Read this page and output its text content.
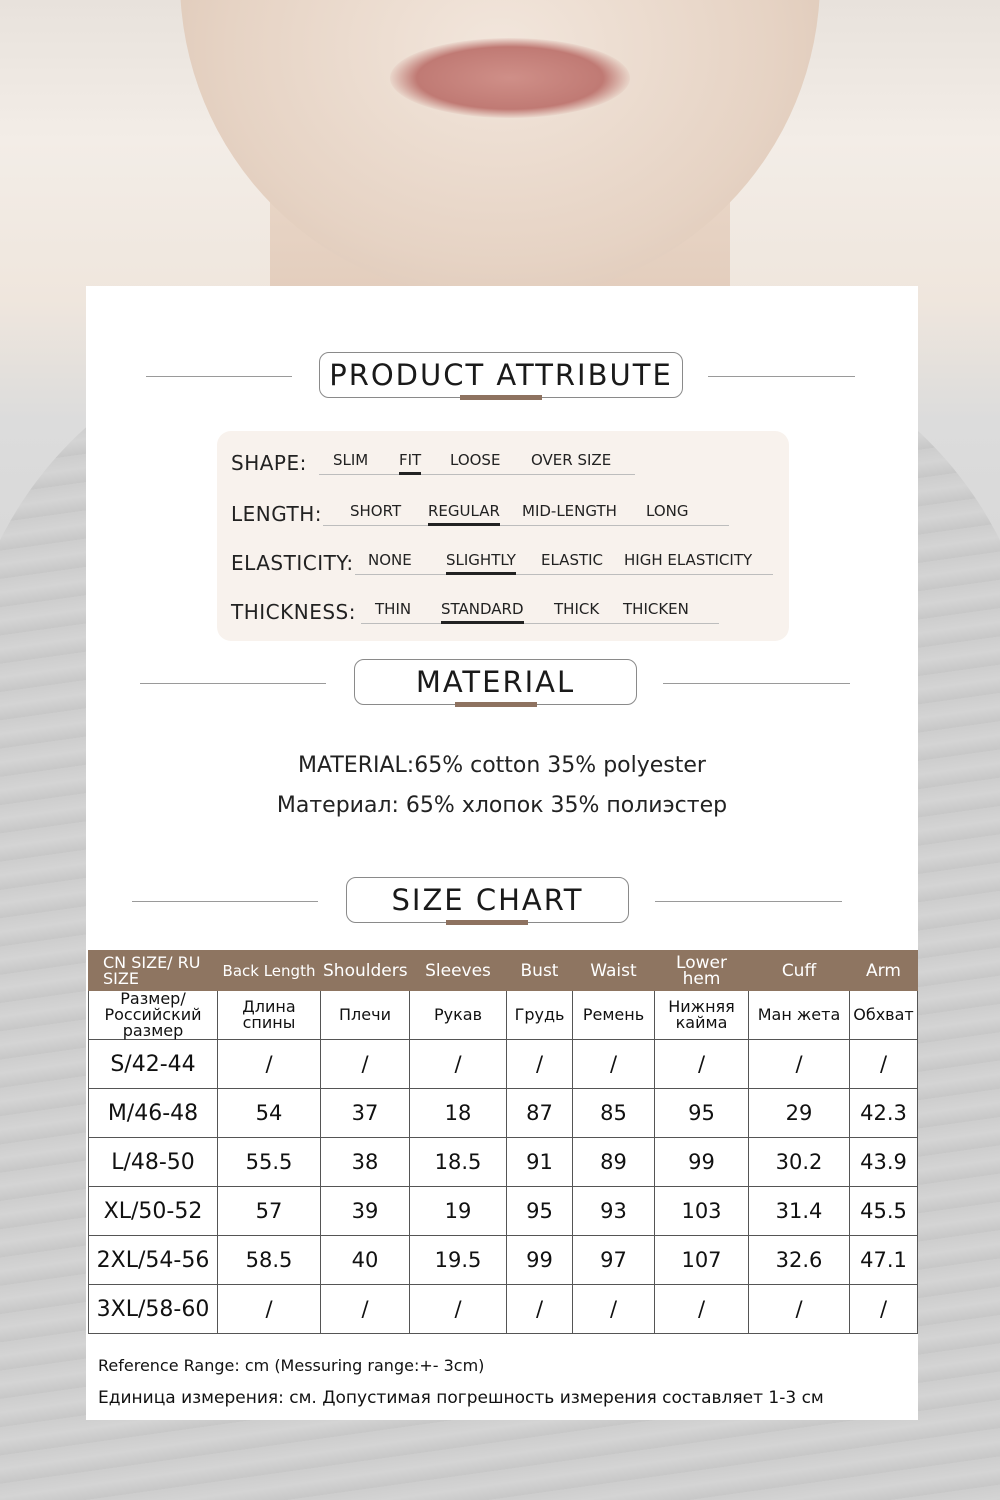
PRODUCT ATTRIBUTE
SHAPE: SLIM FIT LOOSE OVER SIZE
LENGTH: SHORT REGULAR MID-LENGTH LONG
ELASTICITY: NONE SLIGHTLY ELASTIC HIGH ELASTICITY
THICKNESS: THIN STANDARD THICK THICKEN
MATERIAL
MATERIAL:65% cotton 35% polyester
Материал: 65% хлопок 35% полиэстер
SIZE CHART
CN SIZE/ RU SIZE	Back Length	Shoulders	Sleeves	Bust	Waist	Lower hem	Cuff	Arm
Размер/ Российский размер	Длина спины	Плечи	Рукав	Грудь	Ремень	Нижняя кайма	Ман жета	Обхват
S/42-44	/	/	/	/	/	/	/	/
M/46-48	54	37	18	87	85	95	29	42.3
L/48-50	55.5	38	18.5	91	89	99	30.2	43.9
XL/50-52	57	39	19	95	93	103	31.4	45.5
2XL/54-56	58.5	40	19.5	99	97	107	32.6	47.1
3XL/58-60	/	/	/	/	/	/	/	/
Reference Range: cm (Messuring range:+- 3cm)
Единица измерения: см. Допустимая погрешность измерения составляет 1-3 см
